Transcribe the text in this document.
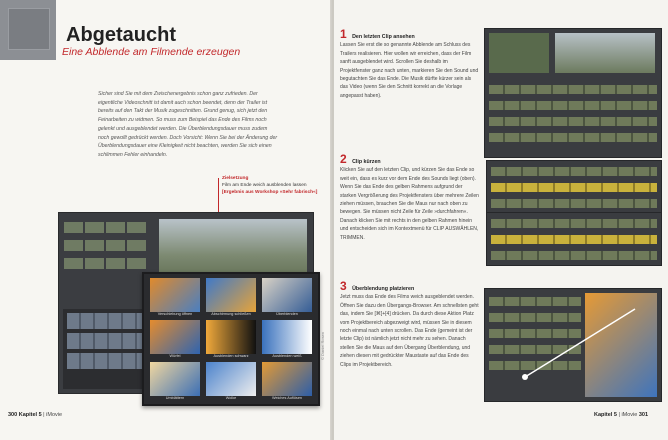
Abgetaucht
Eine Abblende am Filmende erzeugen
Sicher sind Sie mit dem Zwischenergebnis schon ganz zufrieden. Der eigentliche Videoschnitt ist damit auch schon beendet, denn der Trailer ist bereits auf den Takt der Musik zugeschnitten. Grund genug, sich jetzt den Feinarbeiten zu widmen. So muss zum Beispiel das Ende des Films noch gelenkt und ausgeblendet werden. Die Überblendungsdauer muss zudem noch gewollt gedrückt werden. Doch Vorsicht: Wenn Sie bei der Änderung der Überblendungsdauer eine Kleinigkeit nicht beachten, werden Sie sich einen schlimmen Fehler einhandeln.
Zielsetzung
Film am Ende weich ausblenden lassen
[Ergebnis aus Workshop »Sehr fabrisch«]

Verschiebung öffnen	Abschirmung schließen	Überblenden
Würfel	Ausblenden schwarz	Ausblenden weiß
Umblättern	Wolke	Weiches Auflösen
© Daniel Rosen
300 Kapitel 5 | iMovie
1 Den letzten Clip ansehen
Lassen Sie erst die so genannte Abblende am Schluss des Trailers realisieren. Hier wollen wir erreichen, dass der Film sanft ausgeblendet wird. Scrollen Sie deshalb im Projektfenster ganz nach unten, markieren Sie den Sound und begutachten Sie das Ende. Die Musik dürfte kürzer sein als das Video (wenn Sie den Schnitt korrekt an die Vorlage angepasst haben).
2 Clip kürzen
Klicken Sie auf den letzten Clip, und kürzen Sie das Ende so weit ein, dass es kurz vor dem Ende des Sounds liegt (oben). Wenn Sie das Ende des gelben Rahmens aufgrund der starken Vergrößerung des Projektfensters über mehrere Zeilen ziehen müssen, brauchen Sie die Maus nur nach oben zu bewegen. Sie müssen nicht Zeile für Zeile »durchfahren«. Danach klicken Sie mit rechts in den gelben Rahmen hinein und entscheiden sich im Kontextmenü für CLIP AUSWÄHLEN, TRIMMEN.
3 Überblendung platzieren
Jetzt muss das Ende des Films weich ausgeblendet werden. Öffnen Sie dazu den Übergangs-Browser. Am schnellsten geht das, indem Sie [⌘]+[4] drücken. Da durch diese Aktion Platz vom Projektbereich abgezweigt wird, müssen Sie in diesem noch einmal nach unten scrollen. Das Ende (gemeint ist der letzte Clip) ist nämlich jetzt nicht mehr zu sehen. Danach stellen Sie die Maus auf den Übergang Überblendung, und ziehen diesen mit gedrückter Maustaste auf das Ende des Clips im Projektbereich.
Kapitel 5 | iMovie 301
